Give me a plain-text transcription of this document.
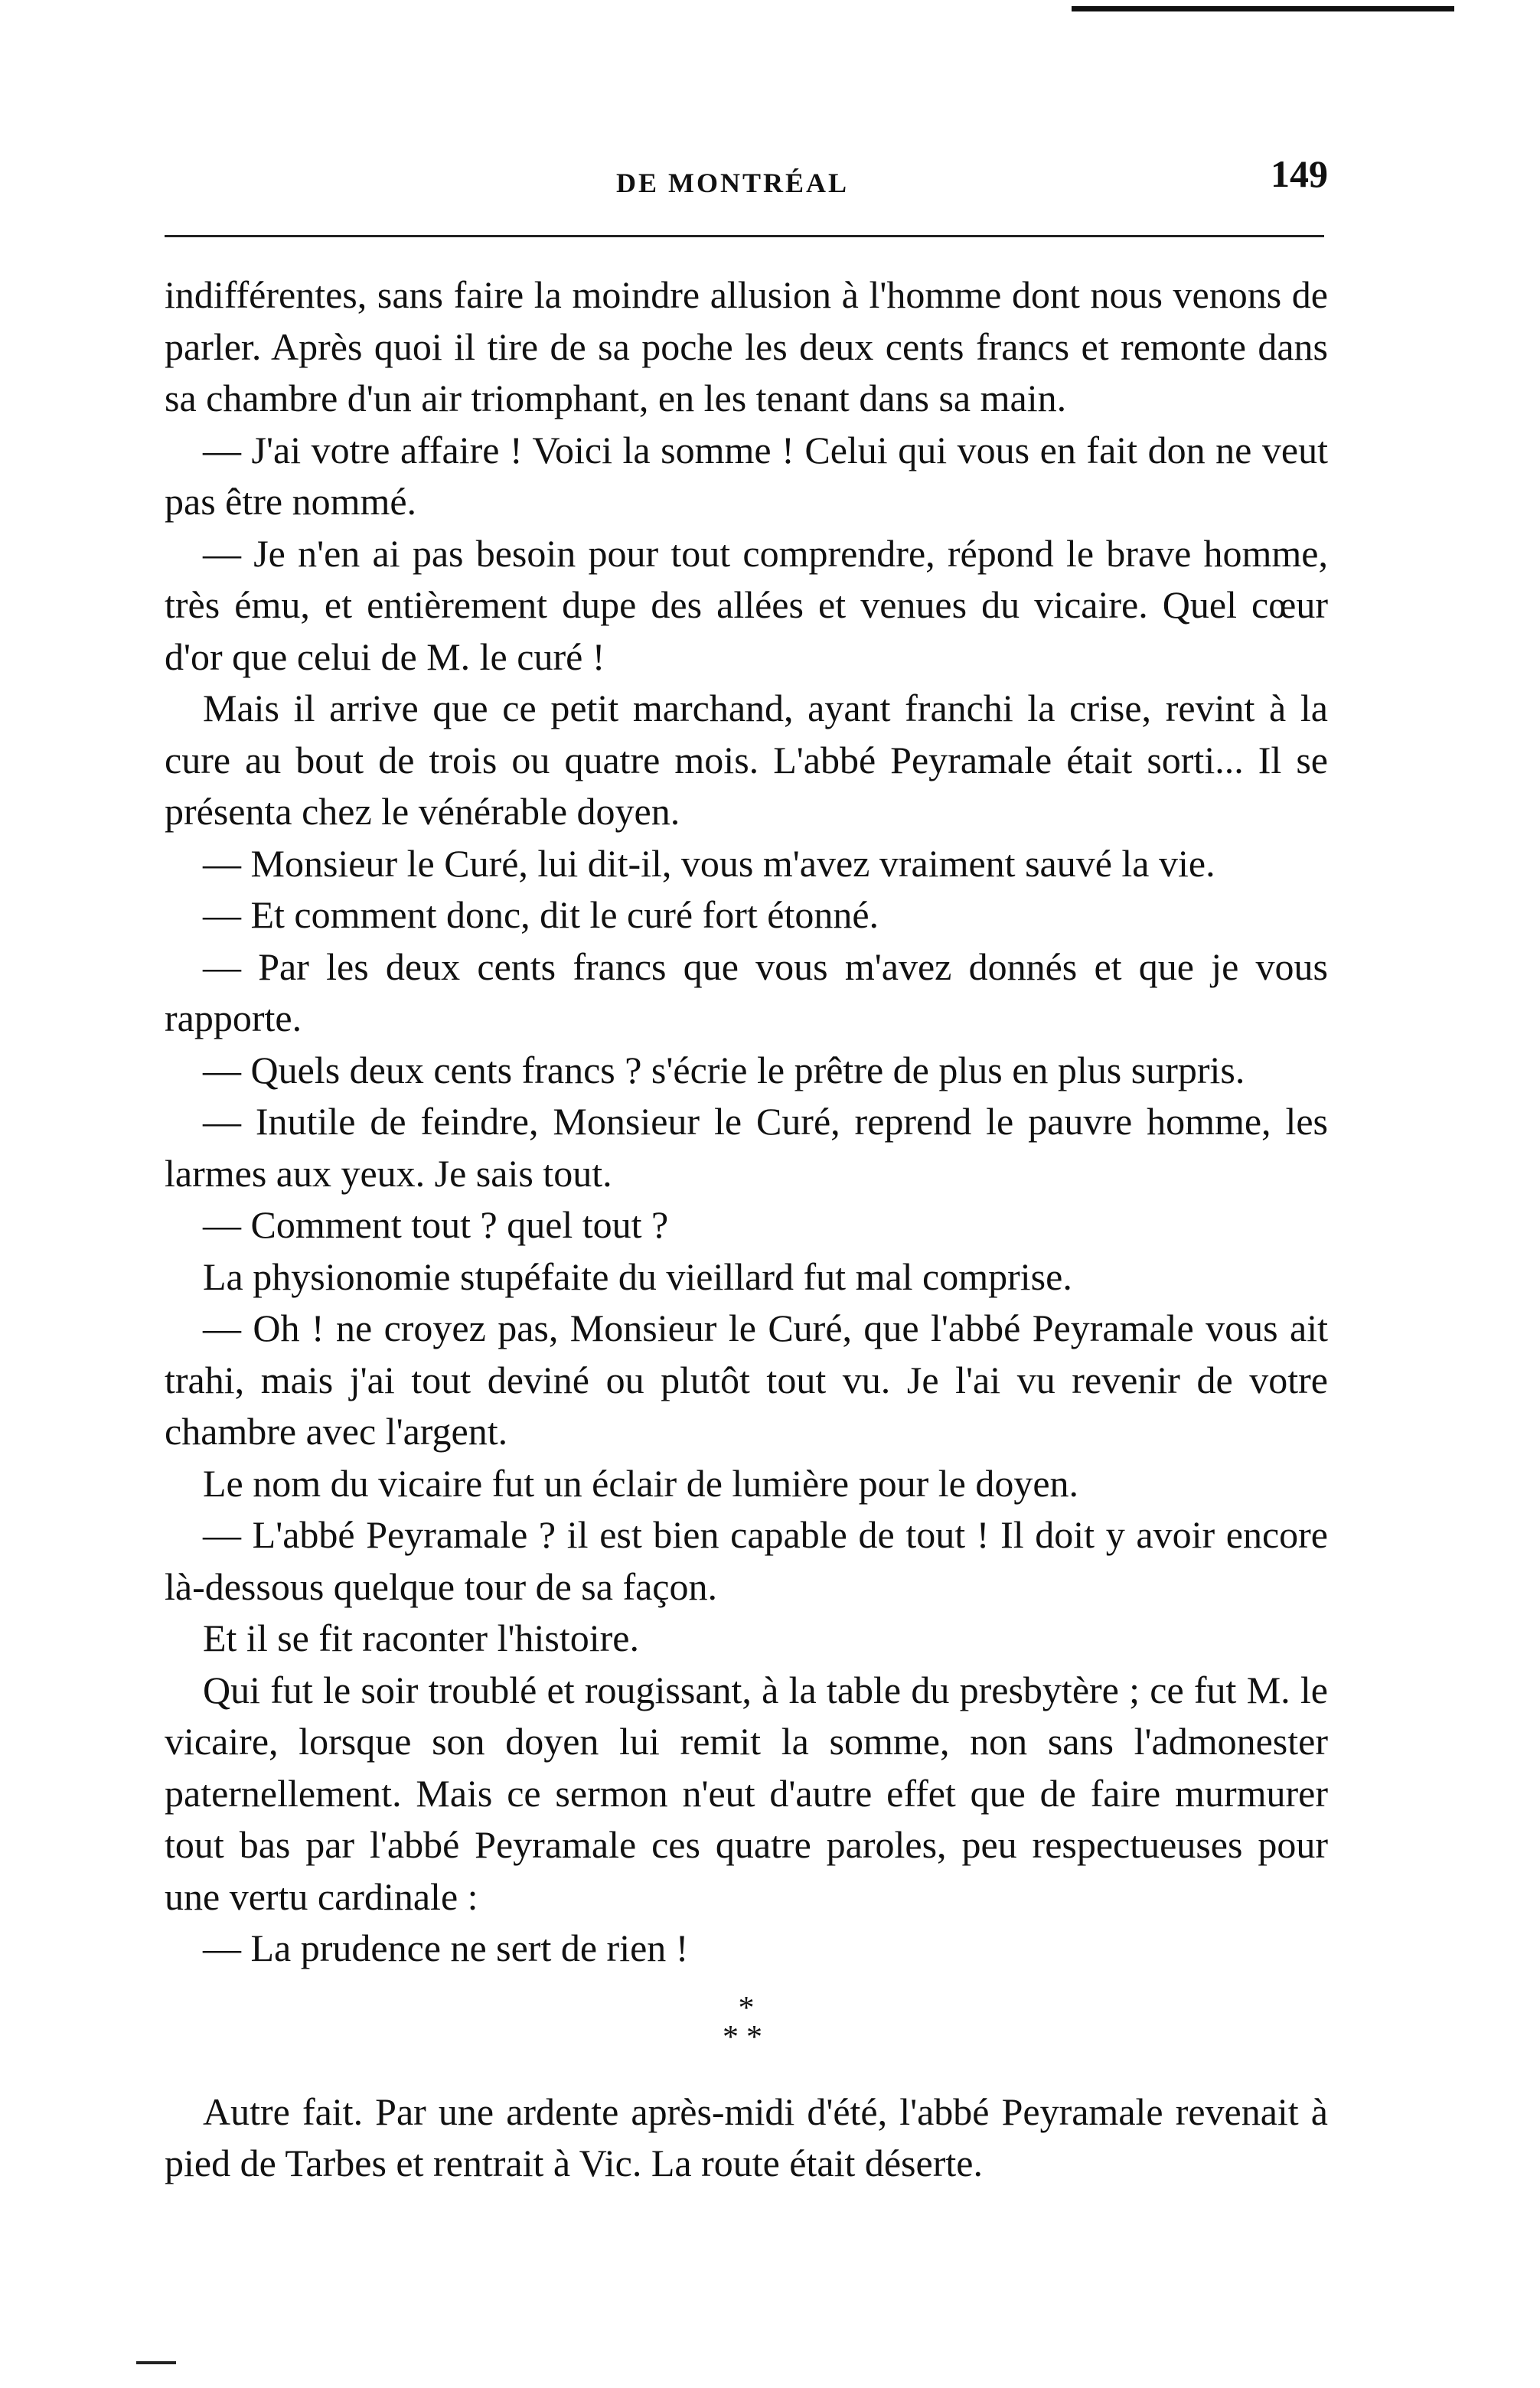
DE MONTRÉAL	149

indifférentes, sans faire la moindre allusion à l'homme dont nous venons de parler. Après quoi il tire de sa poche les deux cents francs et remonte dans sa chambre d'un air triomphant, en les tenant dans sa main.

— J'ai votre affaire ! Voici la somme ! Celui qui vous en fait don ne veut pas être nommé.

— Je n'en ai pas besoin pour tout comprendre, répond le brave homme, très ému, et entièrement dupe des allées et venues du vicaire. Quel cœur d'or que celui de M. le curé !

Mais il arrive que ce petit marchand, ayant franchi la crise, revint à la cure au bout de trois ou quatre mois. L'abbé Peyramale était sorti... Il se présenta chez le vénérable doyen.

— Monsieur le Curé, lui dit-il, vous m'avez vraiment sauvé la vie.

— Et comment donc, dit le curé fort étonné.

— Par les deux cents francs que vous m'avez donnés et que je vous rapporte.

— Quels deux cents francs ? s'écrie le prêtre de plus en plus surpris.

— Inutile de feindre, Monsieur le Curé, reprend le pauvre homme, les larmes aux yeux. Je sais tout.

— Comment tout ? quel tout ?

La physionomie stupéfaite du vieillard fut mal comprise.

— Oh ! ne croyez pas, Monsieur le Curé, que l'abbé Peyramale vous ait trahi, mais j'ai tout deviné ou plutôt tout vu. Je l'ai vu revenir de votre chambre avec l'argent.

Le nom du vicaire fut un éclair de lumière pour le doyen.

— L'abbé Peyramale ? il est bien capable de tout ! Il doit y avoir encore là-dessous quelque tour de sa façon.

Et il se fit raconter l'histoire.

Qui fut le soir troublé et rougissant, à la table du presbytère ; ce fut M. le vicaire, lorsque son doyen lui remit la somme, non sans l'admonester paternellement. Mais ce sermon n'eut d'autre effet que de faire murmurer tout bas par l'abbé Peyramale ces quatre paroles, peu respectueuses pour une vertu cardinale :

— La prudence ne sert de rien !

*
**

Autre fait. Par une ardente après-midi d'été, l'abbé Peyramale revenait à pied de Tarbes et rentrait à Vic. La route était déserte.
